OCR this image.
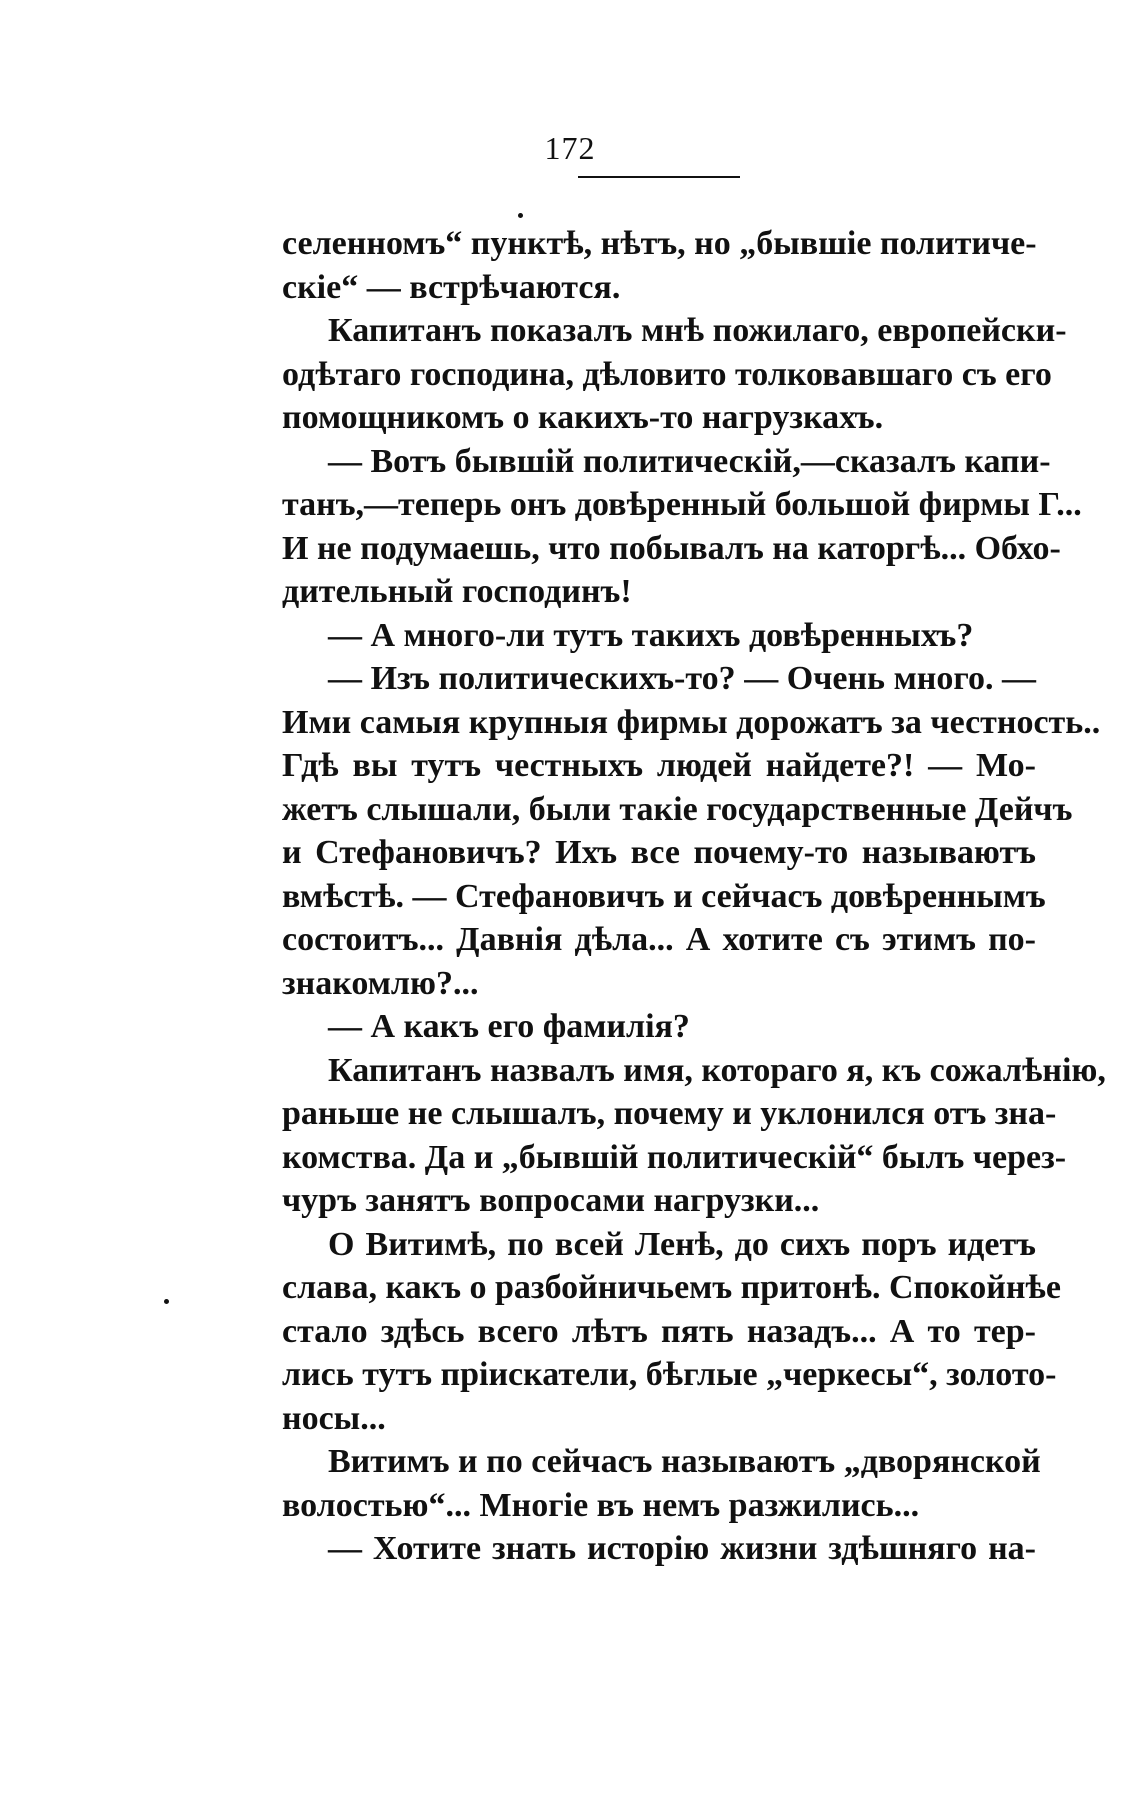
172
селенномъ“ пунктѣ, нѣтъ, но „бывшіе политиче-
скіе“ — встрѣчаются.
Капитанъ показалъ мнѣ пожилаго, европейски-
одѣтаго господина, дѣловито толковавшаго съ его
помощникомъ о какихъ-то нагрузкахъ.
— Вотъ бывшій политическій,—сказалъ капи-
танъ,—теперь онъ довѣренный большой фирмы Г...
И не подумаешь, что побывалъ на каторгѣ... Обхо-
дительный господинъ!
— А много-ли тутъ такихъ довѣренныхъ?
— Изъ политическихъ-то? — Очень много. —
Ими самыя крупныя фирмы дорожатъ за честность..
Гдѣ вы тутъ честныхъ людей найдете?! — Мо-
жетъ слышали, были такіе государственные Дейчъ
и Стефановичъ? Ихъ все почему-то называютъ
вмѣстѣ. — Стефановичъ и сейчасъ довѣреннымъ
состоитъ... Давнія дѣла... А хотите съ этимъ по-
знакомлю?...
— А какъ его фамилія?
Капитанъ назвалъ имя, котораго я, къ сожалѣнію,
раньше не слышалъ, почему и уклонился отъ зна-
комства. Да и „бывшій политическій“ былъ через-
чуръ занятъ вопросами нагрузки...
О Витимѣ, по всей Ленѣ, до сихъ поръ идетъ
слава, какъ о разбойничьемъ притонѣ. Спокойнѣе
стало здѣсь всего лѣтъ пять назадъ... А то тер-
лись тутъ пріискатели, бѣглые „черкесы“, золото-
носы...
Витимъ и по сейчасъ называютъ „дворянской
волостью“... Многіе въ немъ разжились...
— Хотите знать исторію жизни здѣшняго на-
